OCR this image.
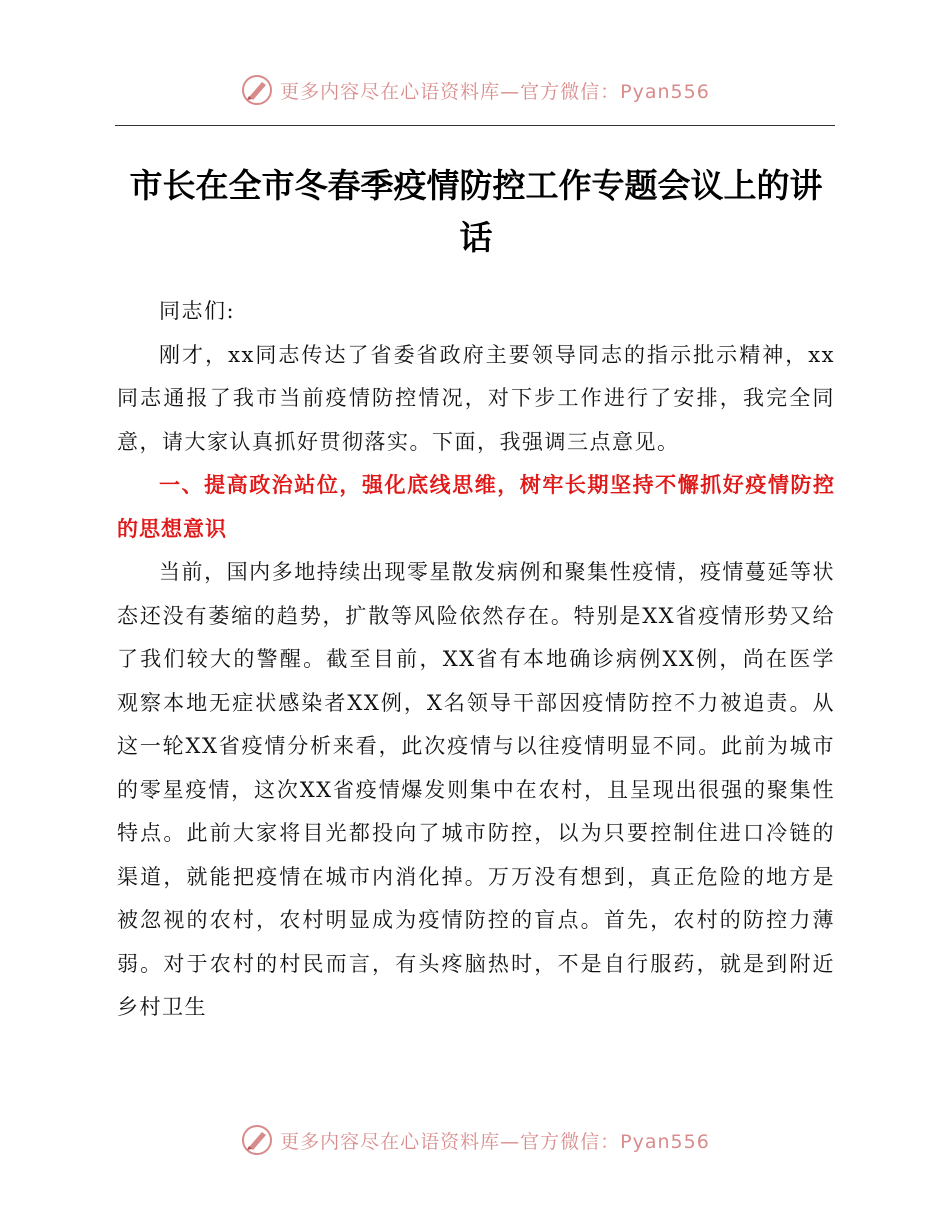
更多内容尽在心语资料库—官方微信：Pyan556
市长在全市冬春季疫情防控工作专题会议上的讲话

同志们:

刚才，xx同志传达了省委省政府主要领导同志的指示批示精神，xx同志通报了我市当前疫情防控情况，对下步工作进行了安排，我完全同意，请大家认真抓好贯彻落实。下面，我强调三点意见。

一、提高政治站位，强化底线思维，树牢长期坚持不懈抓好疫情防控的思想意识

当前，国内多地持续出现零星散发病例和聚集性疫情，疫情蔓延等状态还没有萎缩的趋势，扩散等风险依然存在。特别是XX省疫情形势又给了我们较大的警醒。截至目前，XX省有本地确诊病例XX例，尚在医学观察本地无症状感染者XX例，X名领导干部因疫情防控不力被追责。从这一轮XX省疫情分析来看，此次疫情与以往疫情明显不同。此前为城市的零星疫情，这次XX省疫情爆发则集中在农村，且呈现出很强的聚集性特点。此前大家将目光都投向了城市防控，以为只要控制住进口冷链的渠道，就能把疫情在城市内消化掉。万万没有想到，真正危险的地方是被忽视的农村，农村明显成为疫情防控的盲点。首先，农村的防控力薄弱。对于农村的村民而言，有头疼脑热时，不是自行服药，就是到附近乡村卫生

更多内容尽在心语资料库—官方微信：Pyan556
